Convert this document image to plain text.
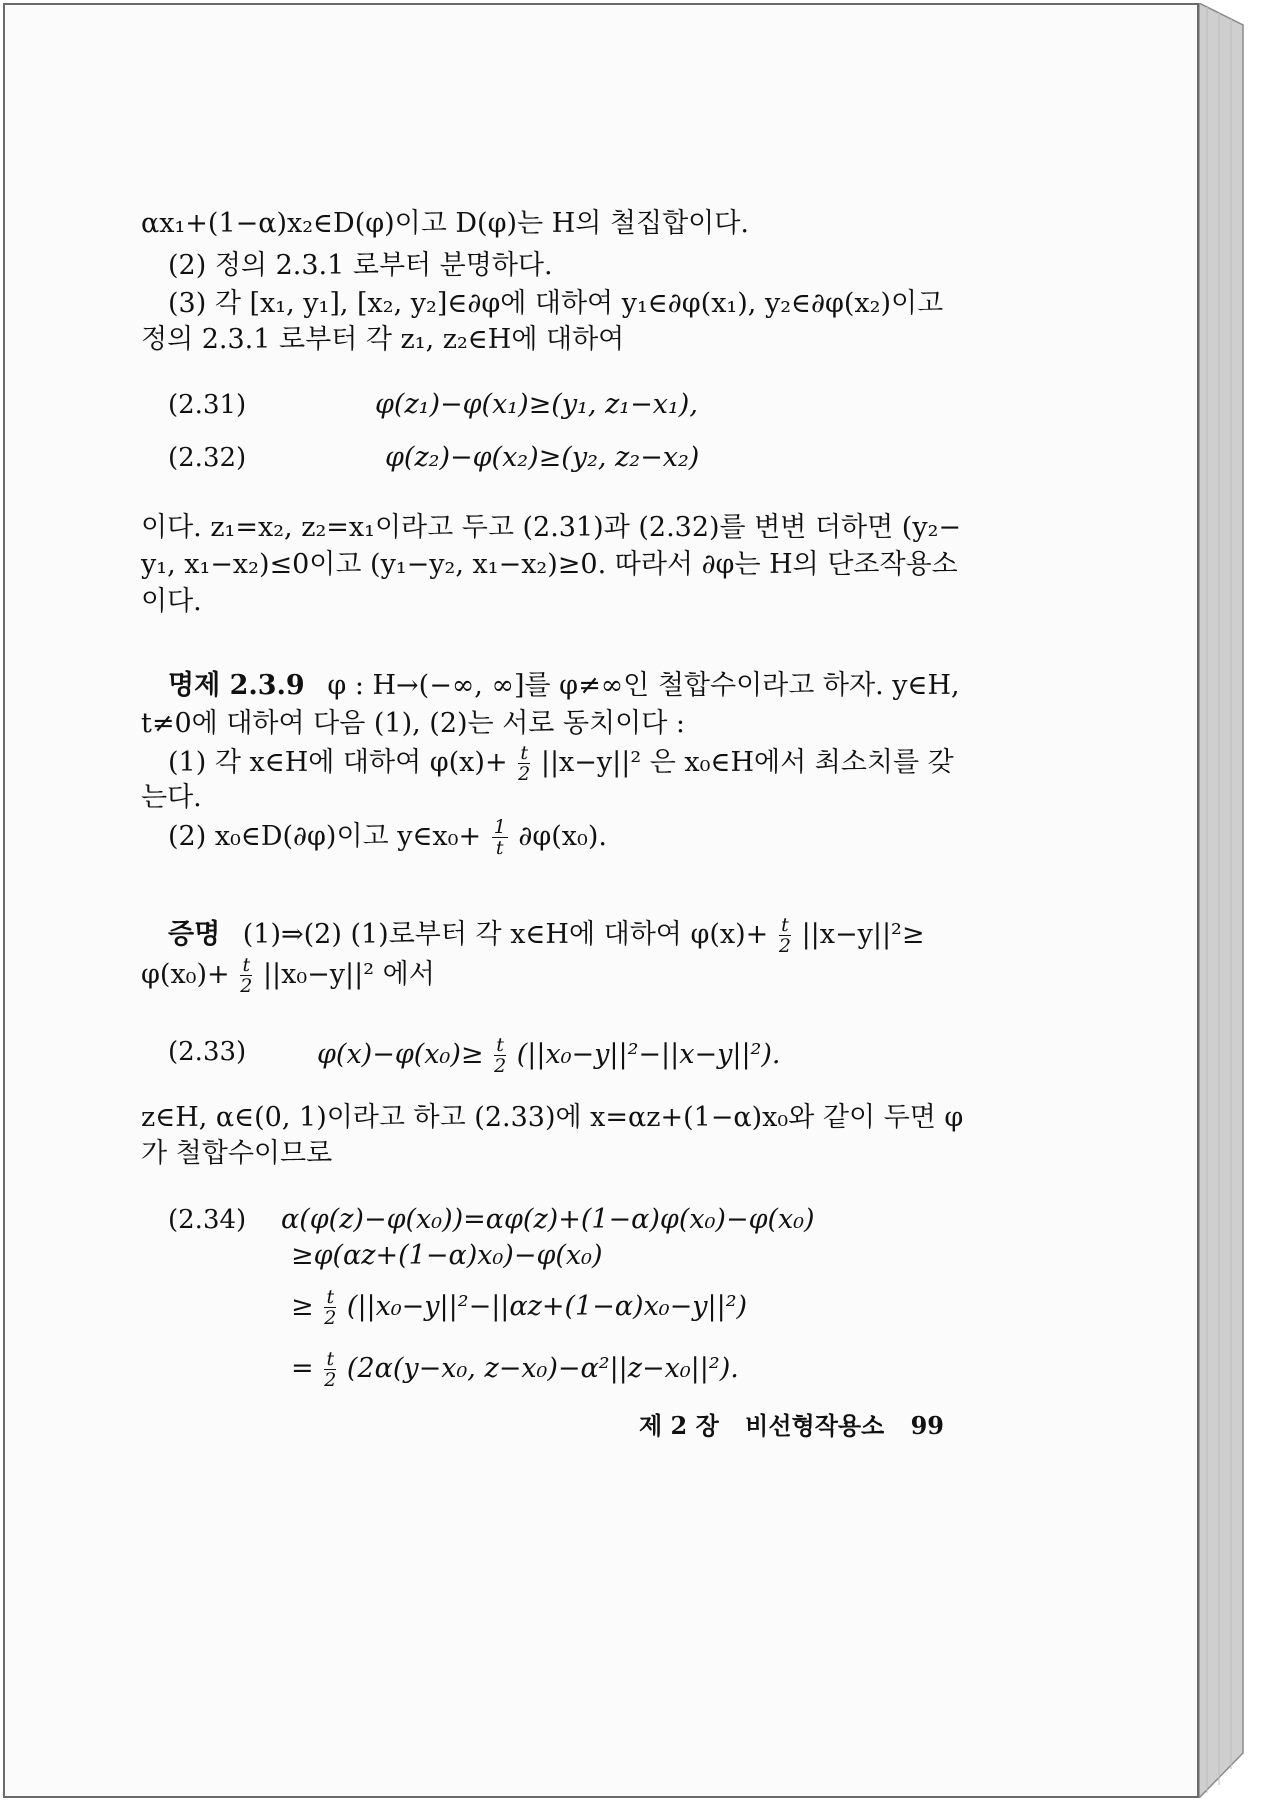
αx₁+(1−α)x₂∈D(φ)이고 D(φ)는 H의 철집합이다.
(2) 정의 2.3.1 로부터 분명하다.
(3) 각 [x₁, y₁], [x₂, y₂]∈∂φ에 대하여 y₁∈∂φ(x₁), y₂∈∂φ(x₂)이고
정의 2.3.1 로부터 각 z₁, z₂∈H에 대하여
(2.31)	φ(z₁)−φ(x₁)≥(y₁, z₁−x₁),
(2.32)	φ(z₂)−φ(x₂)≥(y₂, z₂−x₂)
이다. z₁=x₂, z₂=x₁이라고 두고 (2.31)과 (2.32)를 변변 더하면 (y₂−
y₁, x₁−x₂)≤0이고 (y₁−y₂, x₁−x₂)≥0. 따라서 ∂φ는 H의 단조작용소
이다.
명제 2.3.9 φ : H→(−∞, ∞]를 φ≠∞인 철합수이라고 하자. y∈H,
t≠0에 대하여 다음 (1), (2)는 서로 동치이다 :
(1) 각 x∈H에 대하여 $\varphi(x)+ \frac{t}{2} ||x-y||^2$ 은 x₀∈H에서 최소치를 갖
는다.
(2) x₀∈D(∂φ)이고 y∈x₀+ $\frac{1}{t} \partial\varphi(x_0)$.
증명 (1)⇒(2) (1)로부터 각 x∈H에 대하여 $\varphi(x)+ \frac{t}{2} ||x-y||^2\ge$
$\varphi(x_0)+ \frac{t}{2} ||x_0-y||^2$ 에서
(2.33)	$\varphi(x)-\varphi(x_0)\ge \frac{t}{2} (||x_0-y||^2-||x-y||^2)$.
z∈H, α∈(0, 1)이라고 하고 (2.33)에 x=αz+(1−α)x₀와 같이 두면 φ
가 철합수이므로
(2.34) α(φ(z)−φ(x₀))=αφ(z)+(1−α)φ(x₀)−φ(x₀)
≥φ(αz+(1−α)x₀)−φ(x₀)
≥ $\frac{t}{2} (||x_0-y||^2-||\alpha z+(1-\alpha)x_0-y||^2)$
= $\frac{t}{2} (2\alpha(y-x_0$, z−x₀)−α²||z−x₀||²).
제 2 장 비선형작용소 99
